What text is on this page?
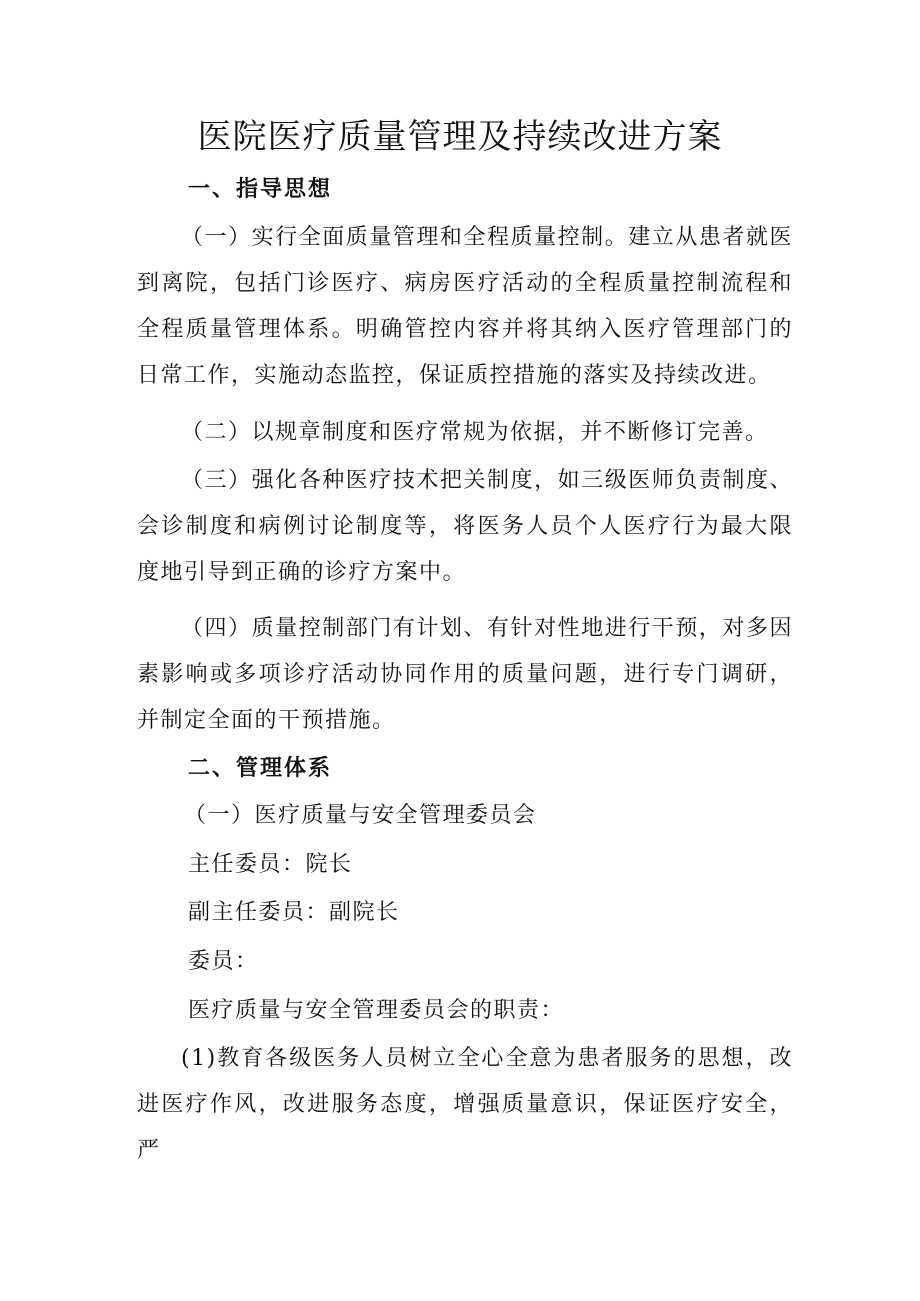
医院医疗质量管理及持续改进方案
一、指导思想

（一）实行全面质量管理和全程质量控制。建立从患者就医到离院，包括门诊医疗、病房医疗活动的全程质量控制流程和全程质量管理体系。明确管控内容并将其纳入医疗管理部门的日常工作，实施动态监控，保证质控措施的落实及持续改进。

（二）以规章制度和医疗常规为依据，并不断修订完善。

（三）强化各种医疗技术把关制度，如三级医师负责制度、会诊制度和病例讨论制度等，将医务人员个人医疗行为最大限度地引导到正确的诊疗方案中。

（四）质量控制部门有计划、有针对性地进行干预，对多因素影响或多项诊疗活动协同作用的质量问题，进行专门调研，并制定全面的干预措施。

二、管理体系

（一）医疗质量与安全管理委员会

主任委员：院长

副主任委员：副院长

委员：

医疗质量与安全管理委员会的职责：

(1)教育各级医务人员树立全心全意为患者服务的思想，改进医疗作风，改进服务态度，增强质量意识，保证医疗安全，严
